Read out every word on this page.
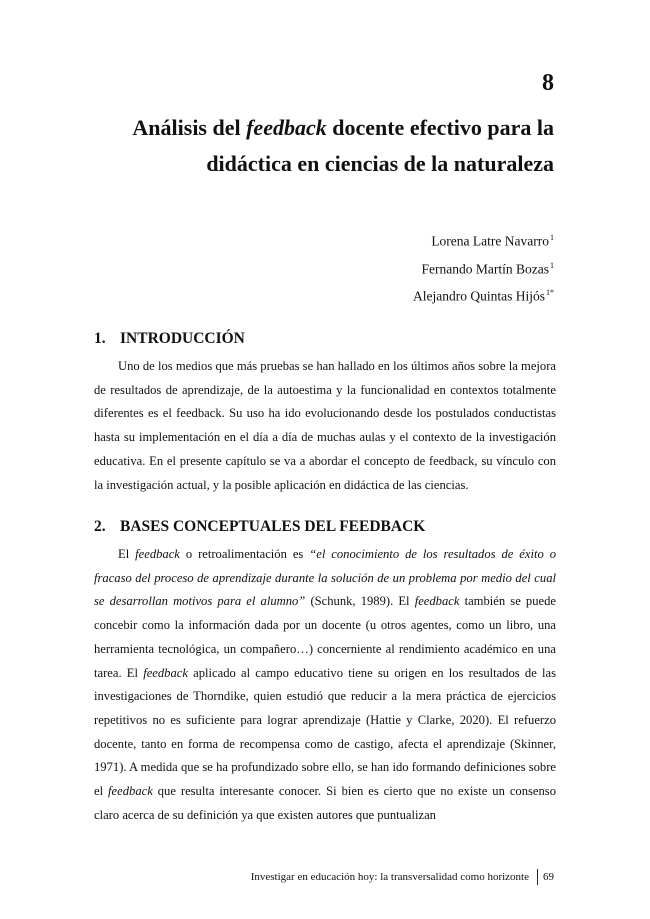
8
Análisis del feedback docente efectivo para la
didáctica en ciencias de la naturaleza
Lorena Latre Navarro$^1$
Fernando Martín Bozas$^1$
Alejandro Quintas Hijós$^{1*}$
1. INTRODUCCIÓN
Uno de los medios que más pruebas se han hallado en los últimos años sobre la mejora de resultados de aprendizaje, de la autoestima y la funcionalidad en contextos totalmente diferentes es el feedback. Su uso ha ido evolucionando desde los postulados conductistas hasta su implementación en el día a día de muchas aulas y el contexto de la investigación educativa. En el presente capítulo se va a abordar el concepto de feedback, su vínculo con la investigación actual, y la posible aplicación en didáctica de las ciencias.
2. BASES CONCEPTUALES DEL FEEDBACK
El feedback o retroalimentación es “el conocimiento de los resultados de éxito o fracaso del proceso de aprendizaje durante la solución de un problema por medio del cual se desarrollan motivos para el alumno” (Schunk, 1989). El feedback también se puede concebir como la información dada por un docente (u otros agentes, como un libro, una herramienta tecnológica, un compañero…) concerniente al rendimiento académico en una tarea. El feedback aplicado al campo educativo tiene su origen en los resultados de las investigaciones de Thorndike, quien estudió que reducir a la mera práctica de ejercicios repetitivos no es suficiente para lograr aprendizaje (Hattie y Clarke, 2020). El refuerzo docente, tanto en forma de recompensa como de castigo, afecta el aprendizaje (Skinner, 1971). A medida que se ha profundizado sobre ello, se han ido formando definiciones sobre el feedback que resulta interesante conocer. Si bien es cierto que no existe un consenso claro acerca de su definición ya que existen autores que puntualizan
Investigar en educación hoy: la transversalidad como horizonte 69
